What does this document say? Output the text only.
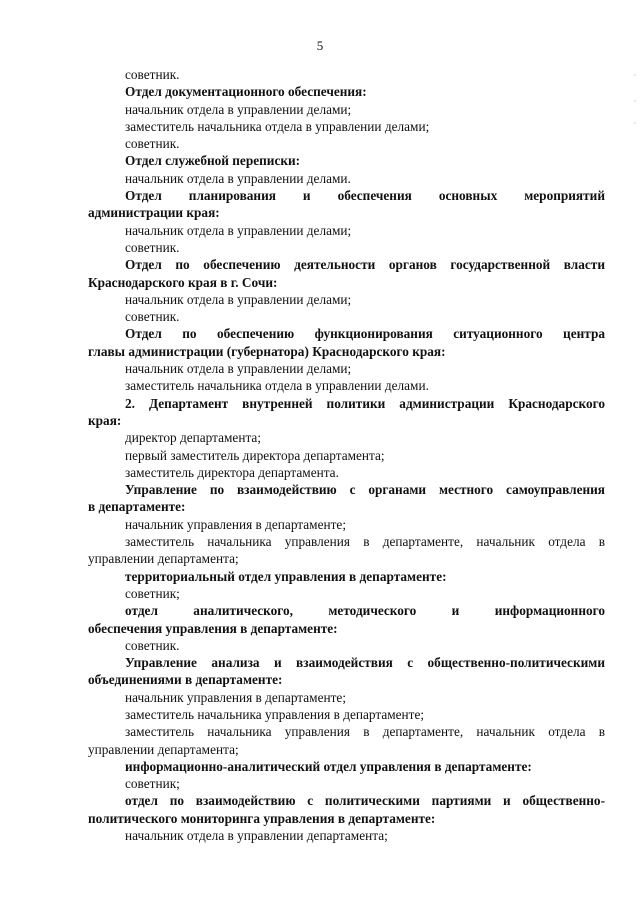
5
советник.
Отдел документационного обеспечения:
начальник отдела в управлении делами;
заместитель начальника отдела в управлении делами;
советник.
Отдел служебной переписки:
начальник отдела в управлении делами.
Отдел планирования и обеспечения основных мероприятий
администрации края:
начальник отдела в управлении делами;
советник.
Отдел по обеспечению деятельности органов государственной власти
Краснодарского края в г. Сочи:
начальник отдела в управлении делами;
советник.
Отдел по обеспечению функционирования ситуационного центра
главы администрации (губернатора) Краснодарского края:
начальник отдела в управлении делами;
заместитель начальника отдела в управлении делами.
2. Департамент внутренней политики администрации Краснодарского
края:
директор департамента;
первый заместитель директора департамента;
заместитель директора департамента.
Управление по взаимодействию с органами местного самоуправления
в департаменте:
начальник управления в департаменте;
заместитель начальника управления в департаменте, начальник отдела в
управлении департамента;
территориальный отдел управления в департаменте:
советник;
отдел аналитического, методического и информационного
обеспечения управления в департаменте:
советник.
Управление анализа и взаимодействия с общественно-политическими
объединениями в департаменте:
начальник управления в департаменте;
заместитель начальника управления в департаменте;
заместитель начальника управления в департаменте, начальник отдела в
управлении департамента;
информационно-аналитический отдел управления в департаменте:
советник;
отдел по взаимодействию с политическими партиями и общественно-
политического мониторинга управления в департаменте:
начальник отдела в управлении департамента;
·
·
·
